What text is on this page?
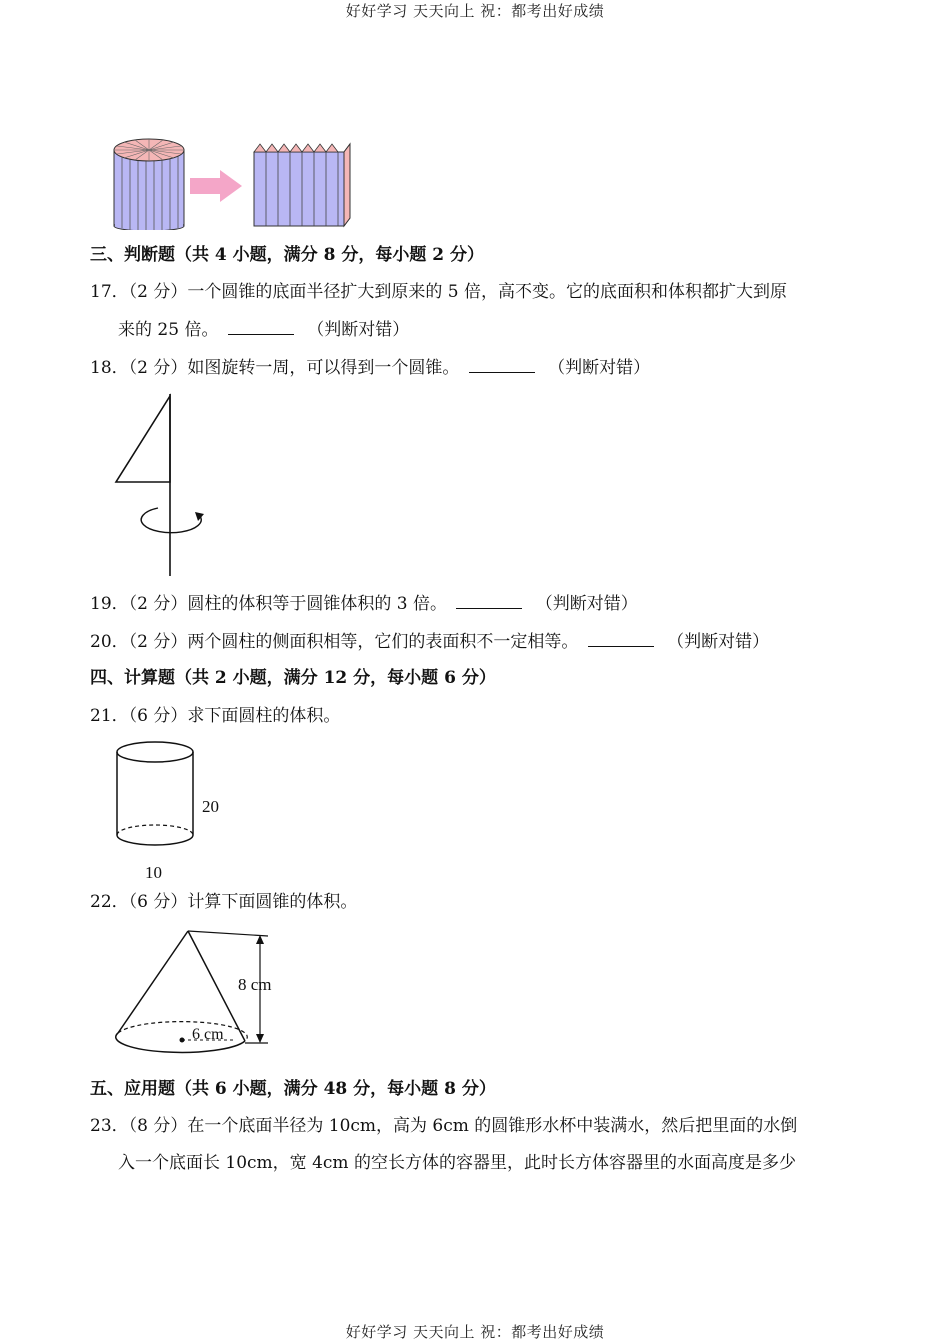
好好学习 天天向上 祝：都考出好成绩
三、判断题（共 4 小题，满分 8 分，每小题 2 分）
17．（2 分）一个圆锥的底面半径扩大到原来的 5 倍，高不变。它的底面积和体积都扩大到原
来的 25 倍。	（判断对错）
18．（2 分）如图旋转一周，可以得到一个圆锥。	（判断对错）
19．（2 分）圆柱的体积等于圆锥体积的 3 倍。	（判断对错）
20．（2 分）两个圆柱的侧面积相等，它们的表面积不一定相等。	（判断对错）
四、计算题（共 2 小题，满分 12 分，每小题 6 分）
21．（6 分）求下面圆柱的体积。
20
10
22．（6 分）计算下面圆锥的体积。
8 cm
6 cm
五、应用题（共 6 小题，满分 48 分，每小题 8 分）
23．（8 分）在一个底面半径为 10cm，高为 6cm 的圆锥形水杯中装满水，然后把里面的水倒
入一个底面长 10cm，宽 4cm 的空长方体的容器里，此时长方体容器里的水面高度是多少
好好学习 天天向上 祝：都考出好成绩
